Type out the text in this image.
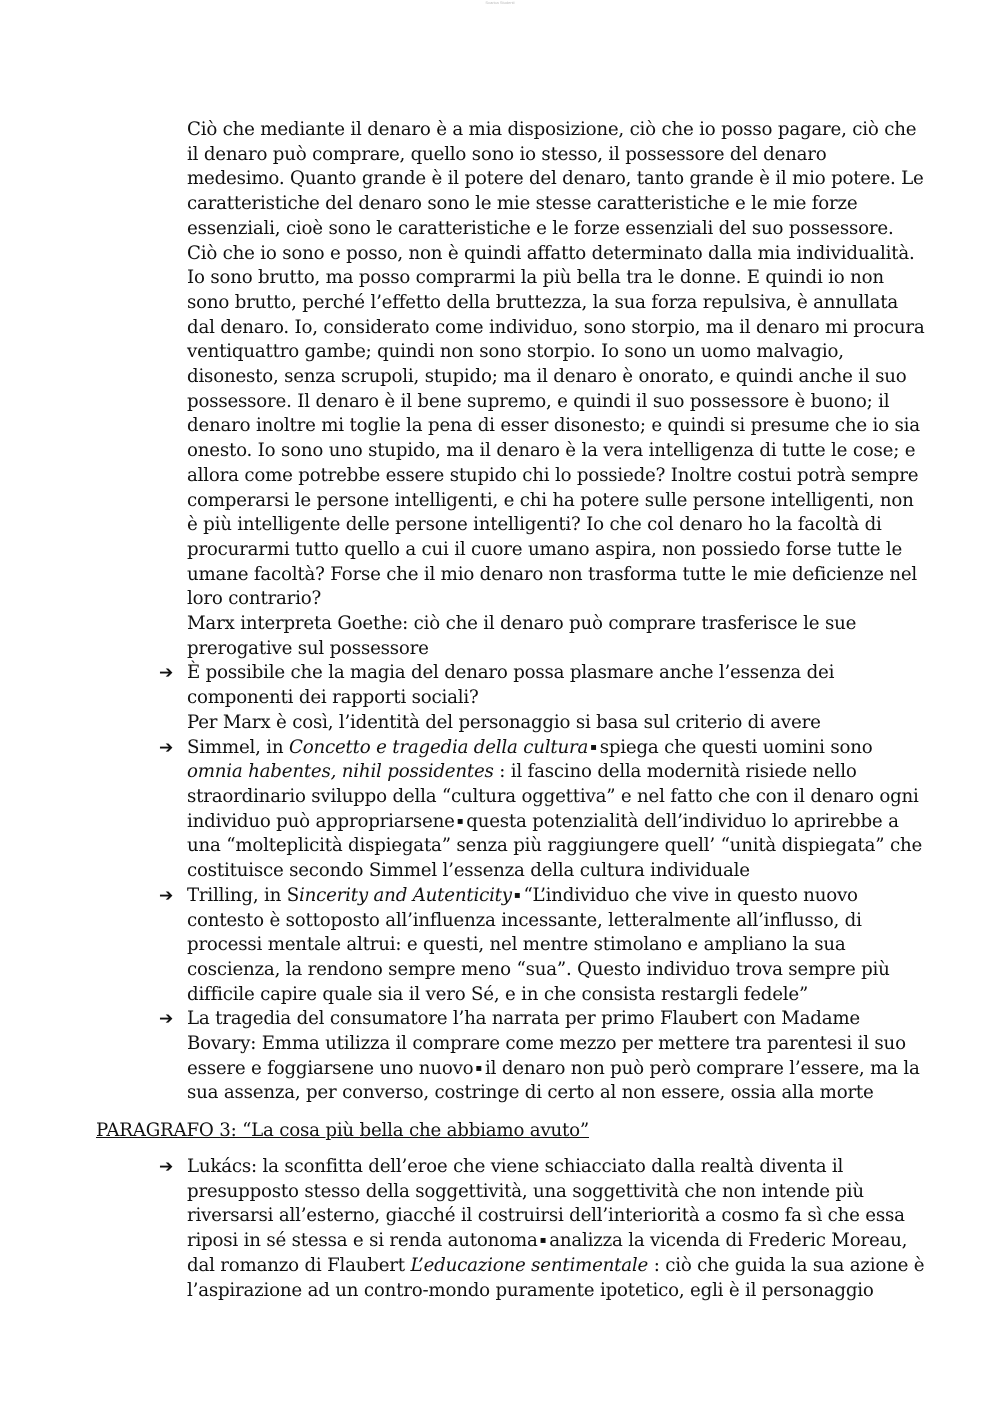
Scarica Studenti

Ciò che mediante il denaro è a mia disposizione, ciò che io posso pagare, ciò che il denaro può comprare, quello sono io stesso, il possessore del denaro medesimo. Quanto grande è il potere del denaro, tanto grande è il mio potere. Le caratteristiche del denaro sono le mie stesse caratteristiche e le mie forze essenziali, cioè sono le caratteristiche e le forze essenziali del suo possessore. Ciò che io sono e posso, non è quindi affatto determinato dalla mia individualità. Io sono brutto, ma posso comprarmi la più bella tra le donne. E quindi io non sono brutto, perché l’effetto della bruttezza, la sua forza repulsiva, è annullata dal denaro. Io, considerato come individuo, sono storpio, ma il denaro mi procura ventiquattro gambe; quindi non sono storpio. Io sono un uomo malvagio, disonesto, senza scrupoli, stupido; ma il denaro è onorato, e quindi anche il suo possessore. Il denaro è il bene supremo, e quindi il suo possessore è buono; il denaro inoltre mi toglie la pena di esser disonesto; e quindi si presume che io sia onesto. Io sono uno stupido, ma il denaro è la vera intelligenza di tutte le cose; e allora come potrebbe essere stupido chi lo possiede? Inoltre costui potrà sempre comperarsi le persone intelligenti, e chi ha potere sulle persone intelligenti, non è più intelligente delle persone intelligenti? Io che col denaro ho la facoltà di procurarmi tutto quello a cui il cuore umano aspira, non possiedo forse tutte le umane facoltà? Forse che il mio denaro non trasforma tutte le mie deficienze nel loro contrario?

Marx interpreta Goethe: ciò che il denaro può comprare trasferisce le sue prerogative sul possessore

➔ È possibile che la magia del denaro possa plasmare anche l’essenza dei componenti dei rapporti sociali?

Per Marx è così, l’identità del personaggio si basa sul criterio di avere

➔ Simmel, in Concetto e tragedia della cultura ▪ spiega che questi uomini sono omnia habentes, nihil possidentes : il fascino della modernità risiede nello straordinario sviluppo della “cultura oggettiva” e nel fatto che con il denaro ogni individuo può appropriarsene ▪ questa potenzialità dell’individuo lo aprirebbe a una “molteplicità dispiegata” senza più raggiungere quell’ “unità dispiegata” che costituisce secondo Simmel l’essenza della cultura individuale
➔ Trilling, in Sincerity and Autenticity ▪ “L’individuo che vive in questo nuovo contesto è sottoposto all’influenza incessante, letteralmente all’influsso, di processi mentale altrui: e questi, nel mentre stimolano e ampliano la sua coscienza, la rendono sempre meno “sua”. Questo individuo trova sempre più difficile capire quale sia il vero Sé, e in che consista restargli fedele”
➔ La tragedia del consumatore l’ha narrata per primo Flaubert con Madame Bovary: Emma utilizza il comprare come mezzo per mettere tra parentesi il suo essere e foggiarsene uno nuovo ▪ il denaro non può però comprare l’essere, ma la sua assenza, per converso, costringe di certo al non essere, ossia alla morte
PARAGRAFO 3: “La cosa più bella che abbiamo avuto”
➔ Lukács: la sconfitta dell’eroe che viene schiacciato dalla realtà diventa il presupposto stesso della soggettività, una soggettività che non intende più riversarsi all’esterno, giacché il costruirsi dell’interiorità a cosmo fa sì che essa riposi in sé stessa e si renda autonoma ▪ analizza la vicenda di Frederic Moreau, dal romanzo di Flaubert L’educazione sentimentale : ciò che guida la sua azione è l’aspirazione ad un contro-mondo puramente ipotetico, egli è il personaggio
